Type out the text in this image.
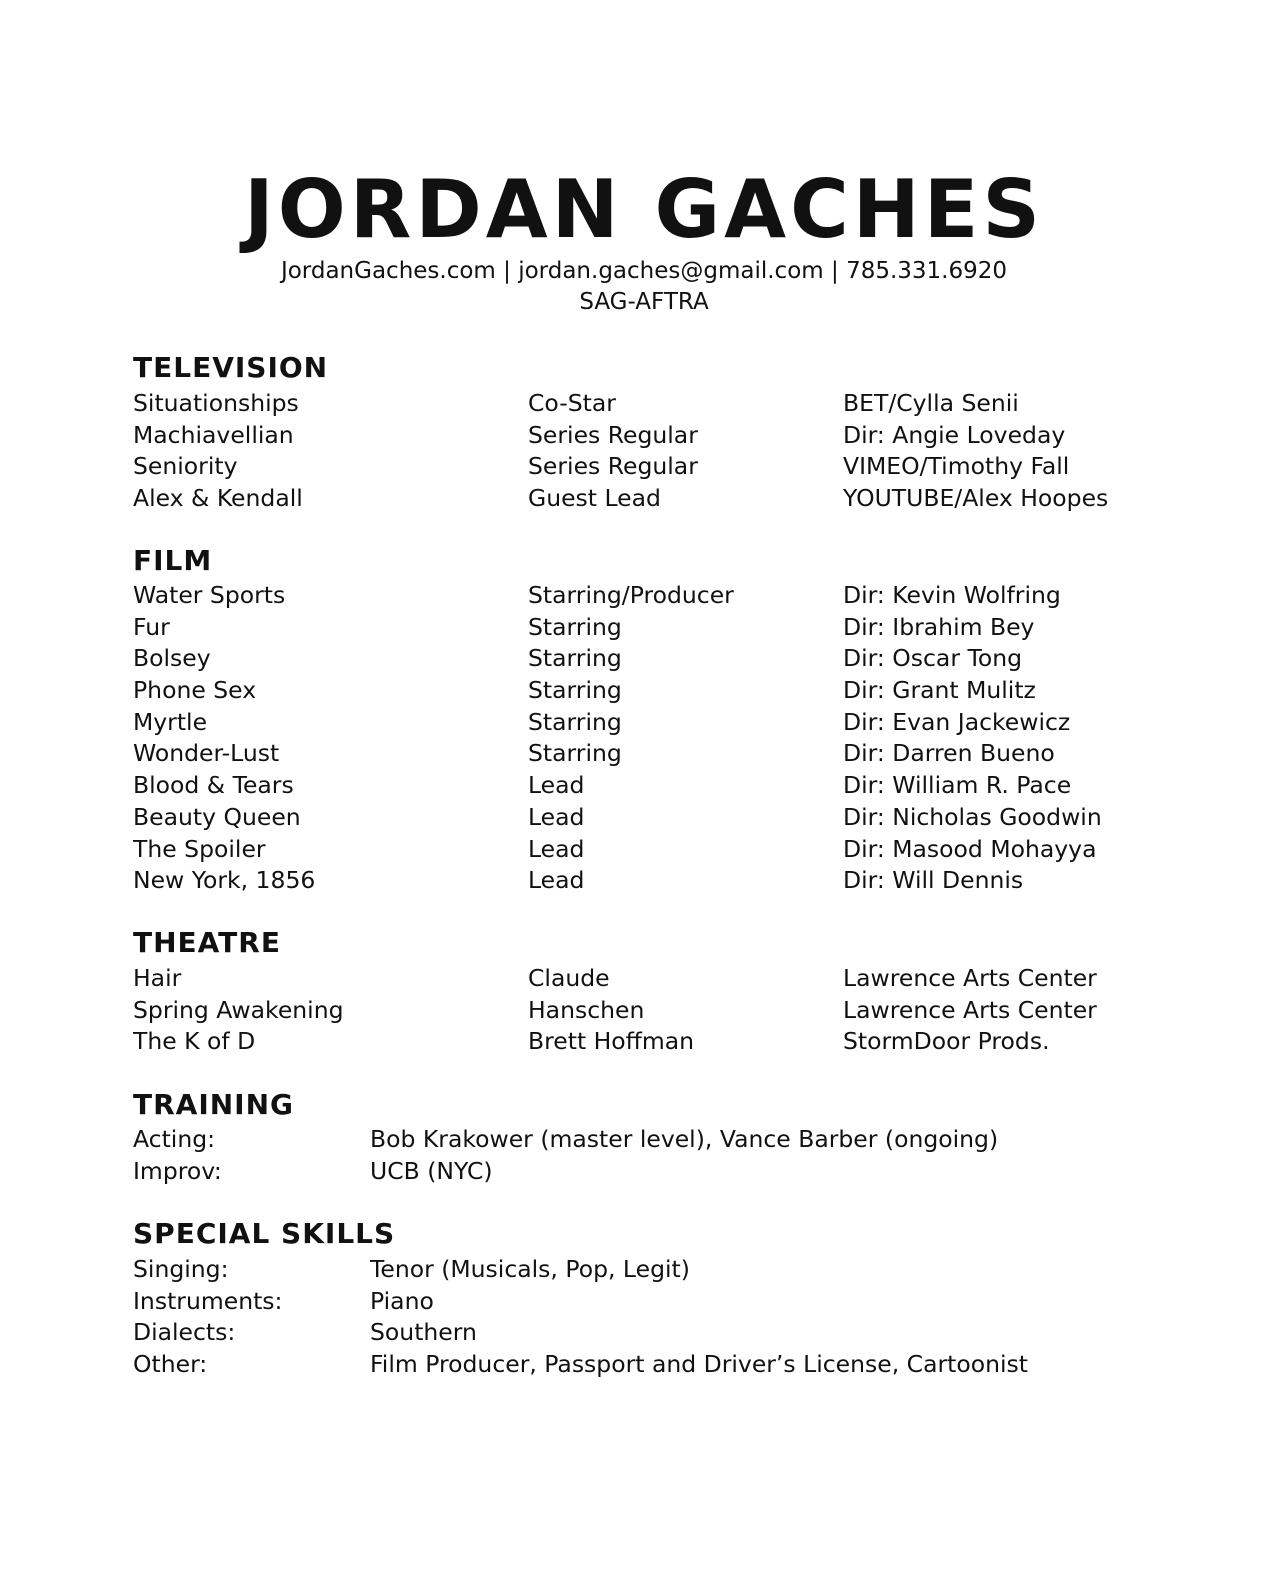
JORDAN GACHES
JordanGaches.com | jordan.gaches@gmail.com | 785.331.6920
SAG-AFTRA
TELEVISION
Situationships	Co-Star	BET/Cylla Senii
Machiavellian	Series Regular	Dir: Angie Loveday
Seniority	Series Regular	VIMEO/Timothy Fall
Alex & Kendall	Guest Lead	YOUTUBE/Alex Hoopes
FILM
Water Sports	Starring/Producer	Dir: Kevin Wolfring
Fur	Starring	Dir: Ibrahim Bey
Bolsey	Starring	Dir: Oscar Tong
Phone Sex	Starring	Dir: Grant Mulitz
Myrtle	Starring	Dir: Evan Jackewicz
Wonder-Lust	Starring	Dir: Darren Bueno
Blood & Tears	Lead	Dir: William R. Pace
Beauty Queen	Lead	Dir: Nicholas Goodwin
The Spoiler	Lead	Dir: Masood Mohayya
New York, 1856	Lead	Dir: Will Dennis
THEATRE
Hair	Claude	Lawrence Arts Center
Spring Awakening	Hanschen	Lawrence Arts Center
The K of D	Brett Hoffman	StormDoor Prods.
TRAINING
Acting:	Bob Krakower (master level), Vance Barber (ongoing)
Improv:	UCB (NYC)
SPECIAL SKILLS
Singing:	Tenor (Musicals, Pop, Legit)
Instruments:	Piano
Dialects:	Southern
Other:	Film Producer, Passport and Driver’s License, Cartoonist
